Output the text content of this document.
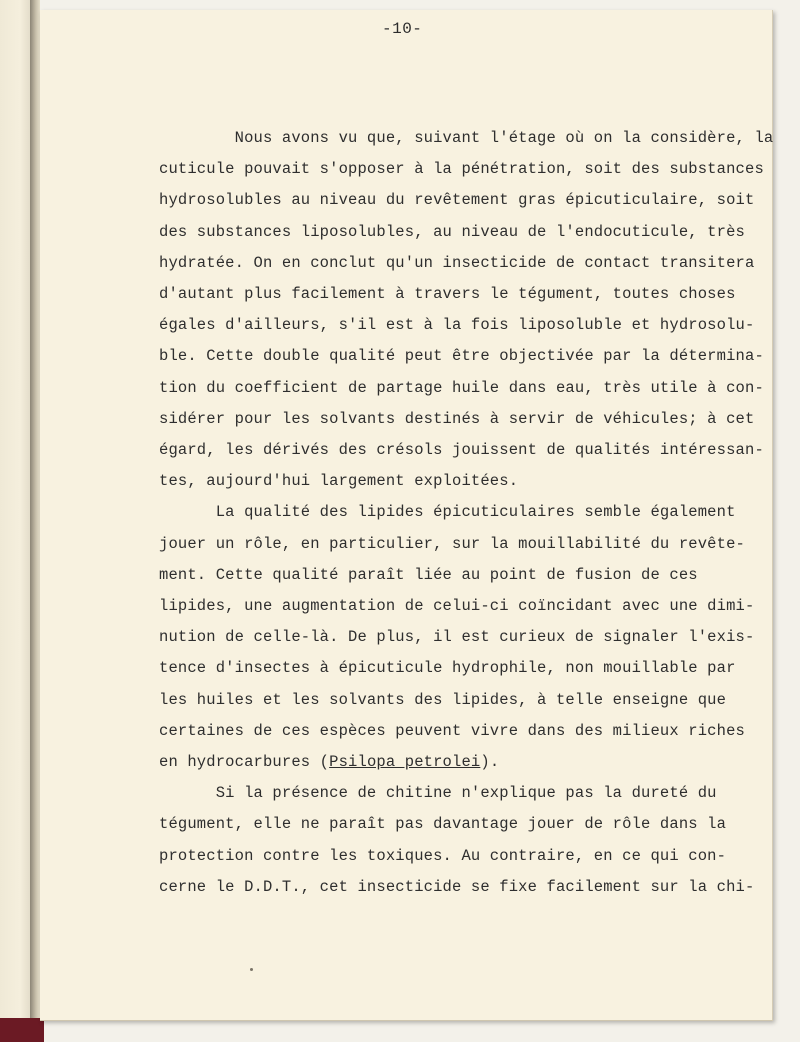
-10-
Nous avons vu que, suivant l'étage où on la considère, la
cuticule pouvait s'opposer à la pénétration, soit des substances
hydrosolubles au niveau du revêtement gras épicuticulaire, soit
des substances liposolubles, au niveau de l'endocuticule, très
hydratée. On en conclut qu'un insecticide de contact transitera
d'autant plus facilement à travers le tégument, toutes choses
égales d'ailleurs, s'il est à la fois liposoluble et hydrosolu-
ble. Cette double qualité peut être objectivée par la détermina-
tion du coefficient de partage huile dans eau, très utile à con-
sidérer pour les solvants destinés à servir de véhicules; à cet
égard, les dérivés des crésols jouissent de qualités intéressan-
tes, aujourd'hui largement exploitées.
La qualité des lipides épicuticulaires semble également
jouer un rôle, en particulier, sur la mouillabilité du revête-
ment. Cette qualité paraît liée au point de fusion de ces
lipides, une augmentation de celui-ci coïncidant avec une dimi-
nution de celle-là. De plus, il est curieux de signaler l'exis-
tence d'insectes à épicuticule hydrophile, non mouillable par
les huiles et les solvants des lipides, à telle enseigne que
certaines de ces espèces peuvent vivre dans des milieux riches
en hydrocarbures (Psilopa petrolei).
Si la présence de chitine n'explique pas la dureté du
tégument, elle ne paraît pas davantage jouer de rôle dans la
protection contre les toxiques. Au contraire, en ce qui con-
cerne le D.D.T., cet insecticide se fixe facilement sur la chi-
